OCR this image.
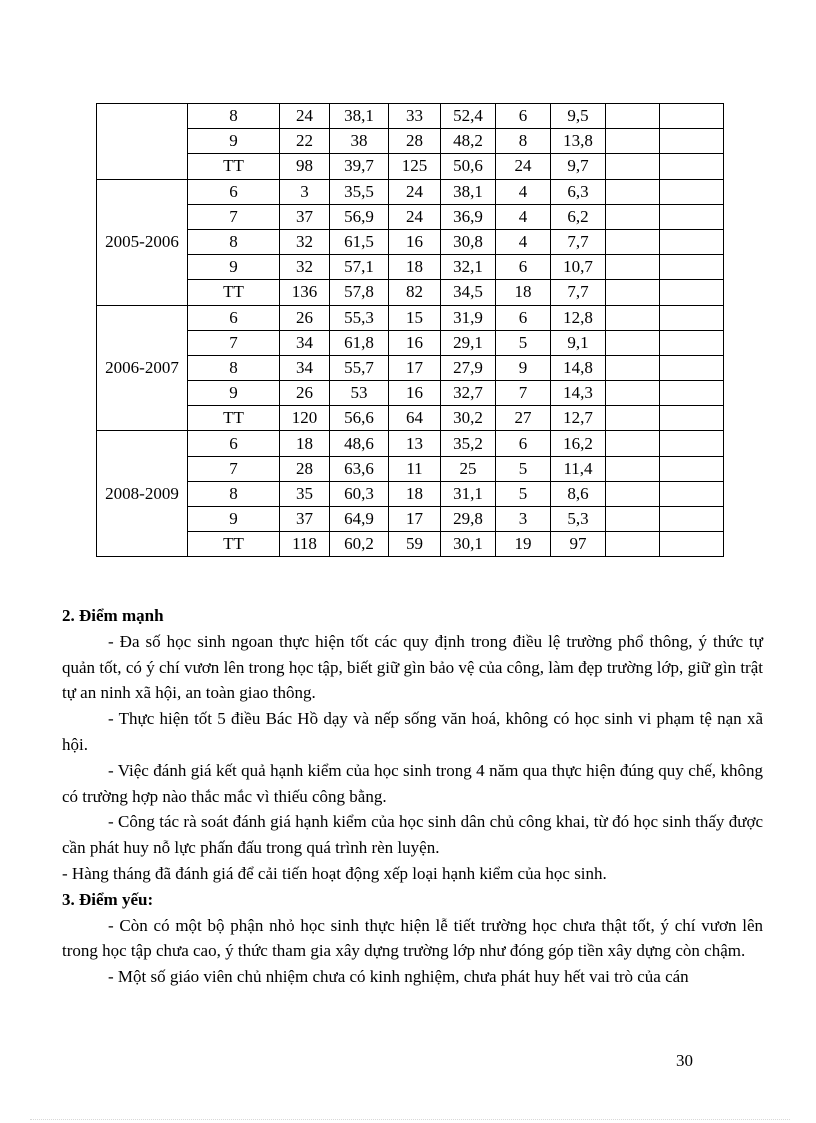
	8	24	38,1	33	52,4	6	9,5		
	9	22	38	28	48,2	8	13,8		
	TT	98	39,7	125	50,6	24	9,7		
2005-2006	6	3	35,5	24	38,1	4	6,3		
	7	37	56,9	24	36,9	4	6,2		
	8	32	61,5	16	30,8	4	7,7		
	9	32	57,1	18	32,1	6	10,7		
	TT	136	57,8	82	34,5	18	7,7		
2006-2007	6	26	55,3	15	31,9	6	12,8		
	7	34	61,8	16	29,1	5	9,1		
	8	34	55,7	17	27,9	9	14,8		
	9	26	53	16	32,7	7	14,3		
	TT	120	56,6	64	30,2	27	12,7		
2008-2009	6	18	48,6	13	35,2	6	16,2		
	7	28	63,6	11	25	5	11,4		
	8	35	60,3	18	31,1	5	8,6		
	9	37	64,9	17	29,8	3	5,3		
	TT	118	60,2	59	30,1	19	97		
2. Điểm mạnh

- Đa số học sinh ngoan thực hiện tốt các quy định trong điều lệ trường phổ thông, ý thức tự quản tốt, có ý chí vươn lên trong học tập, biết giữ gìn bảo vệ của công, làm đẹp trường lớp, giữ gìn trật tự an ninh xã hội, an toàn giao thông.

- Thực hiện tốt 5 điều Bác Hồ dạy và nếp sống văn hoá, không có học sinh vi phạm tệ nạn xã hội.

- Việc đánh giá kết quả hạnh kiểm của học sinh trong 4 năm qua thực hiện đúng quy chế, không có trường hợp nào thắc mắc vì thiếu công bằng.

- Công tác rà soát đánh giá hạnh kiểm của học sinh dân chủ công khai, từ đó học sinh thấy được cần phát huy nỗ lực phấn đấu trong quá trình rèn luyện.

- Hàng tháng đã đánh giá để cải tiến hoạt động xếp loại hạnh kiểm của học sinh.

3. Điểm yếu:

- Còn có một bộ phận nhỏ học sinh thực hiện lễ tiết trường học chưa thật tốt, ý chí vươn lên trong học tập chưa cao, ý thức tham gia xây dựng trường lớp như đóng góp tiền xây dựng còn chậm.

- Một số giáo viên chủ nhiệm chưa có kinh nghiệm, chưa phát huy hết vai trò của cán

30
